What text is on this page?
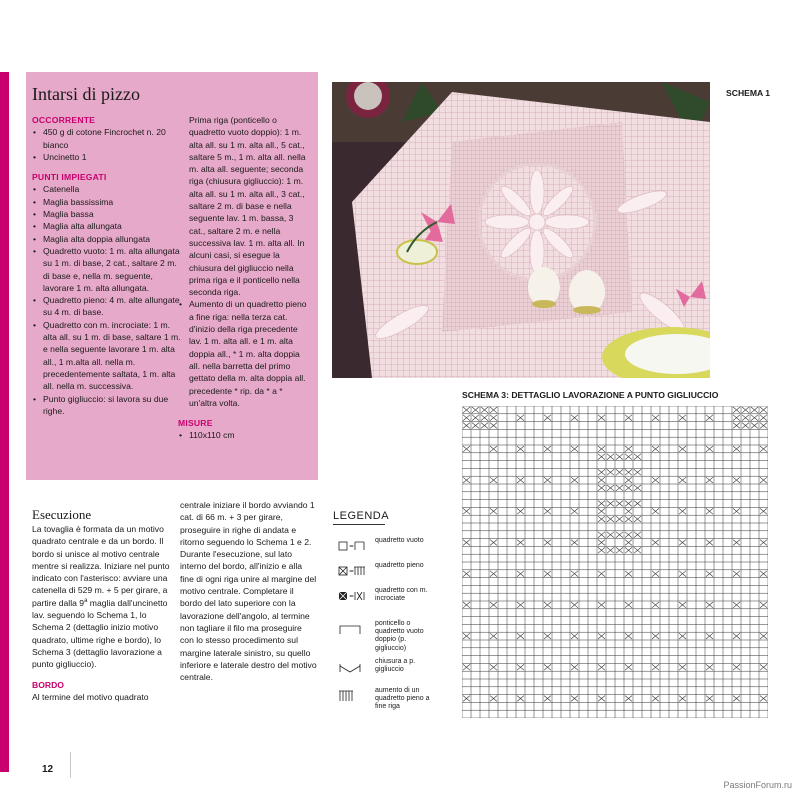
Intarsi di pizzo
OCCORRENTE
• 450 g di cotone Fincrochet n. 20 bianco
• Uncinetto 1
PUNTI IMPIEGATI
• Catenella
• Maglia bassissima
• Maglia bassa
• Maglia alta allungata
• Maglia alta doppia allungata
• Quadretto vuoto: 1 m. alta allungata su 1 m. di base, 2 cat., saltare 2 m. di base e, nella m. seguente, lavorare 1 m. alta allungata.
• Quadretto pieno: 4 m. alte allungate su 4 m. di base.
• Quadretto con m. incrociate: 1 m. alta all. su 1 m. di base, saltare 1 m. e nella seguente lavorare 1 m. alta all., 1 m.alta all. nella m. precedentemente saltata, 1 m. alta all. nella m. successiva.
• Punto gigliuccio: si lavora su due righe.

Prima riga (ponticello o quadretto vuoto doppio): 1 m. alta all. su 1 m. alta all., 5 cat., saltare 5 m., 1 m. alta all. nella m. alta all. seguente; seconda riga (chiusura gigliuccio): 1 m. alta all. su 1 m. alta all., 3 cat., saltare 2 m. di base e nella seguente lav. 1 m. bassa, 3 cat., saltare 2 m. e nella successiva lav. 1 m. alta all. In alcuni casi, si esegue la chiusura del gigliuccio nella prima riga e il ponticello nella seconda riga.

• Aumento di un quadretto pieno a fine riga: nella terza cat. d'inizio della riga precedente lav. 1 m. alta all. e 1 m. alta doppia all., * 1 m. alta doppia all. nella barretta del primo gettato della m. alta doppia all. precedente * rip. da * a * un'altra volta.
MISURE
• 110x110 cm
SCHEMA 1
SCHEMA 3: DETTAGLIO LAVORAZIONE A PUNTO GIGLIUCCIO
Esecuzione

La tovaglia è formata da un motivo quadrato centrale e da un bordo. Il bordo si unisce al motivo centrale mentre si realizza. Iniziare nel punto indicato con l'asterisco: avviare una catenella di 529 m. + 5 per girare, a partire dalla 9$^a$ maglia dall'uncinetto lav. seguendo lo Schema 1, lo Schema 2 (dettaglio inizio motivo quadrato, ultime righe e bordo), lo Schema 3 (dettaglio lavorazione a punto gigliuccio).

BORDO

Al termine del motivo quadrato

centrale iniziare il bordo avviando 1 cat. di 66 m. + 3 per girare, proseguire in righe di andata e ritorno seguendo lo Schema 1 e 2. Durante l'esecuzione, sul lato interno del bordo, all'inizio e alla fine di ogni riga unire al margine del motivo centrale. Completare il bordo del lato superiore con la lavorazione dell'angolo, al termine non tagliare il filo ma proseguire con lo stesso procedimento sul margine laterale sinistro, su quello inferiore e laterale destro del motivo centrale.

LEGENDA
=
quadretto vuoto
=
quadretto pieno
=
quadretto con m. incrociate
ponticello o quadretto vuoto doppio (p. gigliuccio)
chiusura a p. gigliuccio
aumento di un quadretto pieno a fine riga
12
PassionForum.ru
